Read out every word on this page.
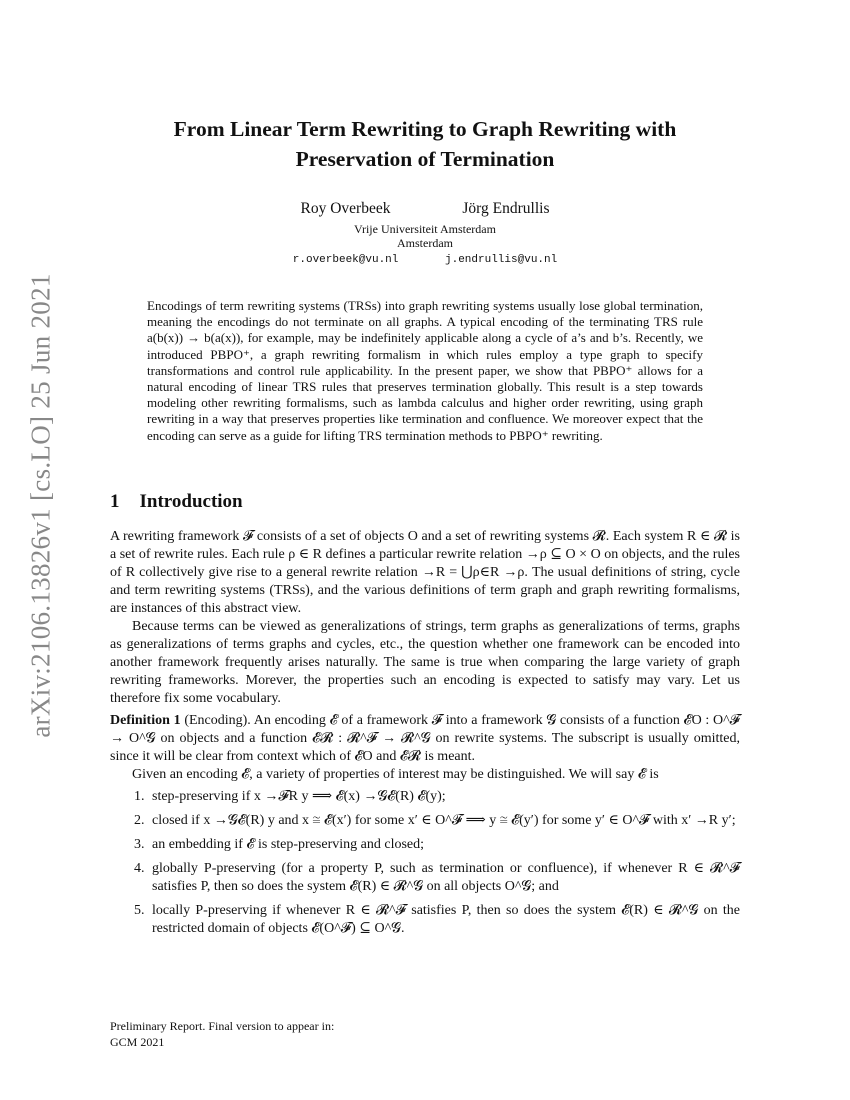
arXiv:2106.13826v1 [cs.LO] 25 Jun 2021
From Linear Term Rewriting to Graph Rewriting with
Preservation of Termination
Roy Overbeek	Jörg Endrullis
Vrije Universiteit Amsterdam
Amsterdam
r.overbeek@vu.nl	j.endrullis@vu.nl

Encodings of term rewriting systems (TRSs) into graph rewriting systems usually lose global termination, meaning the encodings do not terminate on all graphs. A typical encoding of the terminating TRS rule a(b(x)) → b(a(x)), for example, may be indefinitely applicable along a cycle of a’s and b’s. Recently, we introduced PBPO⁺, a graph rewriting formalism in which rules employ a type graph to specify transformations and control rule applicability. In the present paper, we show that PBPO⁺ allows for a natural encoding of linear TRS rules that preserves termination globally. This result is a step towards modeling other rewriting formalisms, such as lambda calculus and higher order rewriting, using graph rewriting in a way that preserves properties like termination and confluence. We moreover expect that the encoding can serve as a guide for lifting TRS termination methods to PBPO⁺ rewriting.

1 Introduction

A rewriting framework 𝓕 consists of a set of objects O and a set of rewriting systems 𝓡. Each system R ∈ 𝓡 is a set of rewrite rules. Each rule ρ ∈ R defines a particular rewrite relation →ρ ⊆ O × O on objects, and the rules of R collectively give rise to a general rewrite relation →R = ⋃ρ∈R →ρ. The usual definitions of string, cycle and term rewriting systems (TRSs), and the various definitions of term graph and graph rewriting formalisms, are instances of this abstract view.

Because terms can be viewed as generalizations of strings, term graphs as generalizations of terms, graphs as generalizations of terms graphs and cycles, etc., the question whether one framework can be encoded into another framework frequently arises naturally. The same is true when comparing the large variety of graph rewriting frameworks. Morever, the properties such an encoding is expected to satisfy may vary. Let us therefore fix some vocabulary.

Definition 1 (Encoding). An encoding 𝓔 of a framework 𝓕 into a framework 𝓖 consists of a function 𝓔O : O^𝓕 → O^𝓖 on objects and a function 𝓔𝓡 : 𝓡^𝓕 → 𝓡^𝓖 on rewrite systems. The subscript is usually omitted, since it will be clear from context which of 𝓔O and 𝓔𝓡 is meant.

Given an encoding 𝓔, a variety of properties of interest may be distinguished. We will say 𝓔 is

1. step-preserving if x →𝓕R y ⟹ 𝓔(x) →𝓖𝓔(R) 𝓔(y);
2. closed if x →𝓖𝓔(R) y and x ≅ 𝓔(x′) for some x′ ∈ O^𝓕 ⟹ y ≅ 𝓔(y′) for some y′ ∈ O^𝓕 with x′ →R y′;
3. an embedding if 𝓔 is step-preserving and closed;
4. globally P-preserving (for a property P, such as termination or confluence), if whenever R ∈ 𝓡^𝓕 satisfies P, then so does the system 𝓔(R) ∈ 𝓡^𝓖 on all objects O^𝓖; and
5. locally P-preserving if whenever R ∈ 𝓡^𝓕 satisfies P, then so does the system 𝓔(R) ∈ 𝓡^𝓖 on the restricted domain of objects 𝓔(O^𝓕) ⊆ O^𝓖.
Preliminary Report. Final version to appear in:
GCM 2021
